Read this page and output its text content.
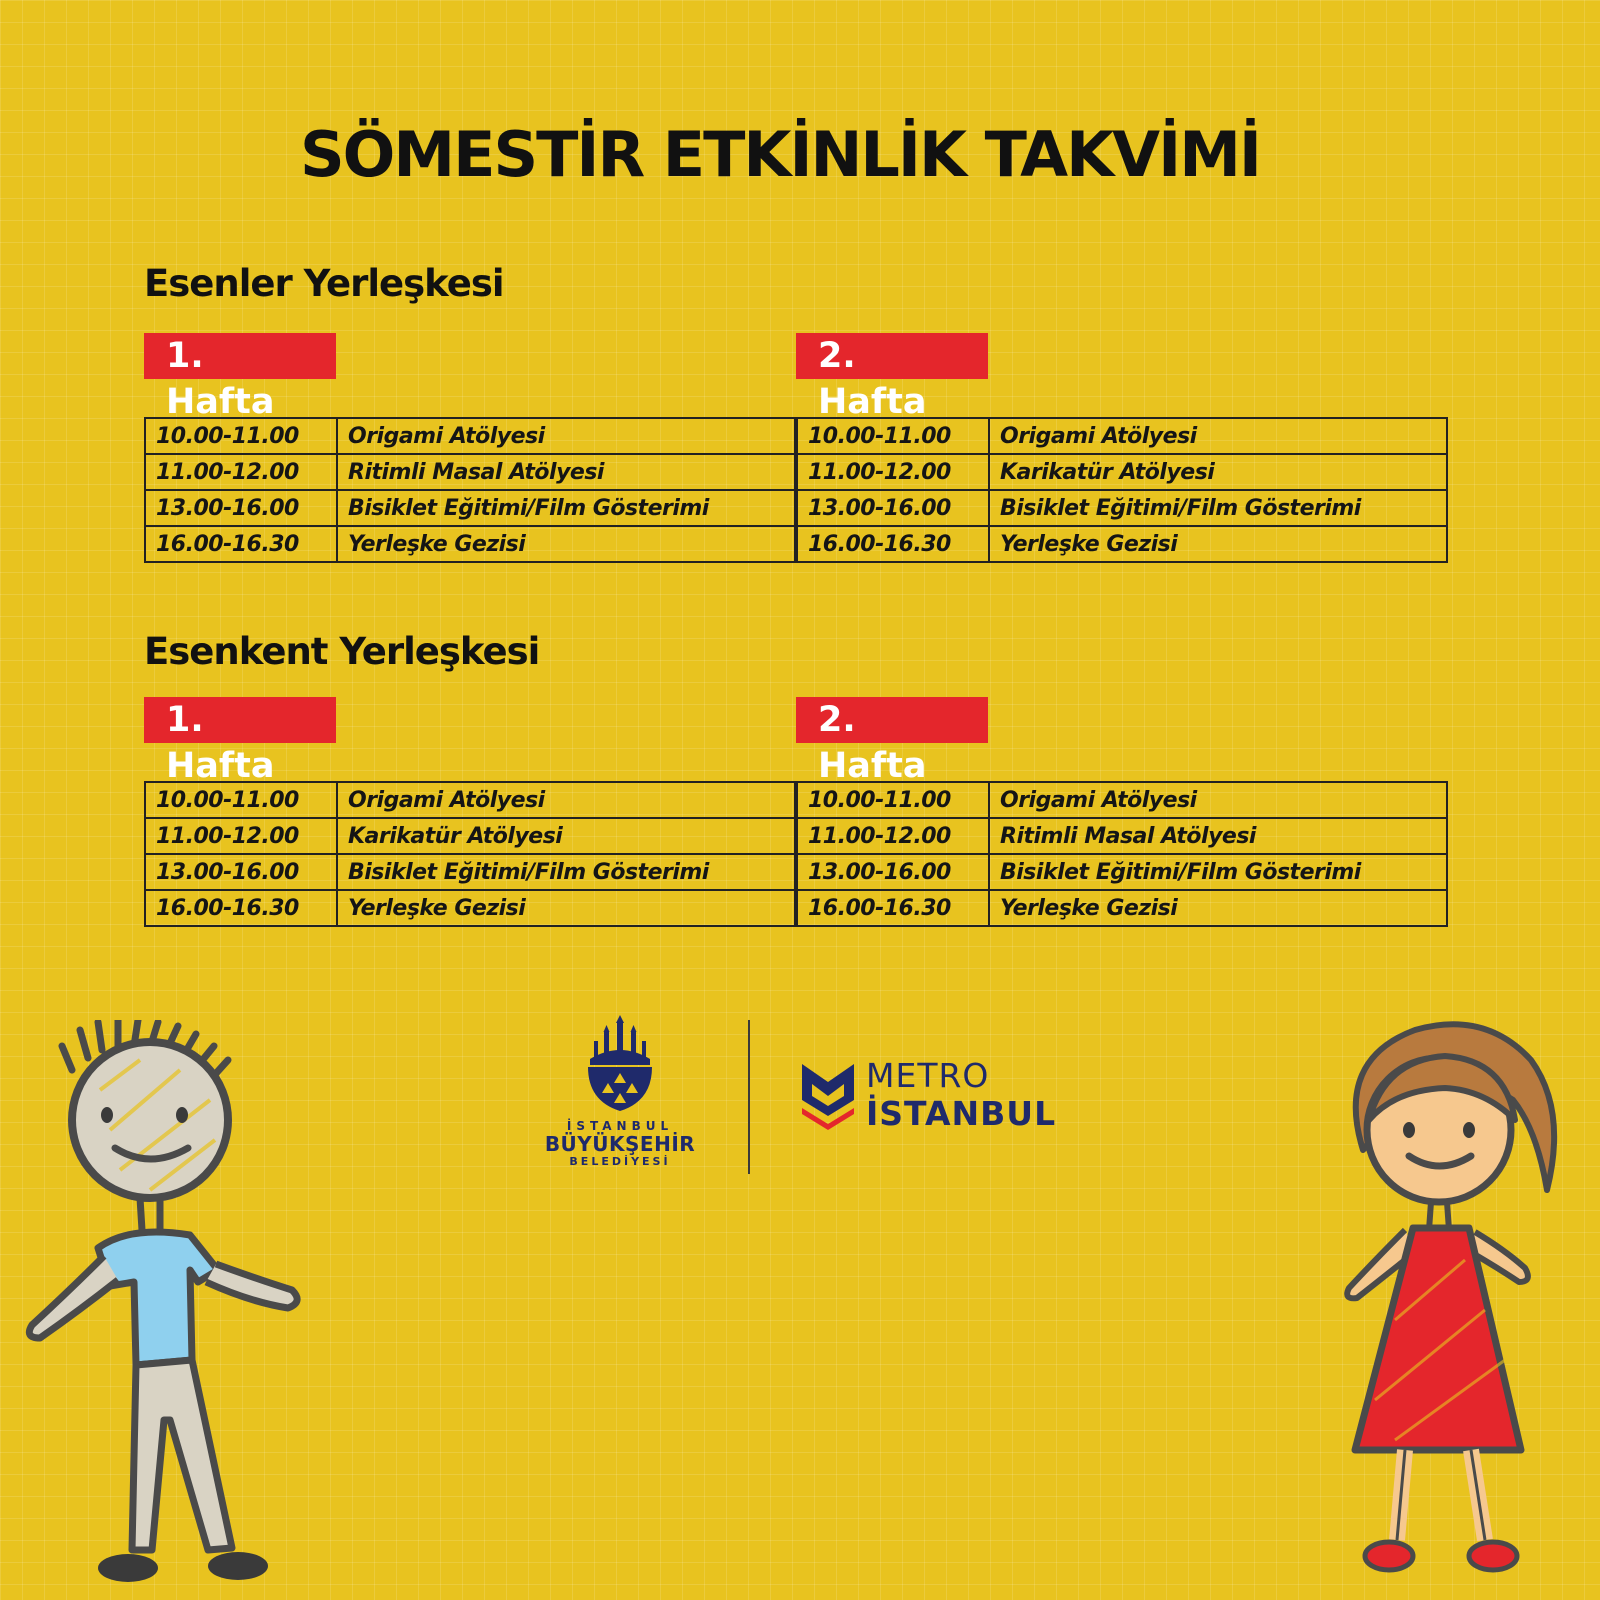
SÖMESTİR ETKİNLİK TAKVİMİ
Esenler Yerleşkesi
1. Hafta
10.00-11.00	Origami Atölyesi
11.00-12.00	Ritimli Masal Atölyesi
13.00-16.00	Bisiklet Eğitimi/Film Gösterimi
16.00-16.30	Yerleşke Gezisi
2. Hafta
10.00-11.00	Origami Atölyesi
11.00-12.00	Karikatür Atölyesi
13.00-16.00	Bisiklet Eğitimi/Film Gösterimi
16.00-16.30	Yerleşke Gezisi
Esenkent Yerleşkesi
1. Hafta
10.00-11.00	Origami Atölyesi
11.00-12.00	Karikatür Atölyesi
13.00-16.00	Bisiklet Eğitimi/Film Gösterimi
16.00-16.30	Yerleşke Gezisi
2. Hafta
10.00-11.00	Origami Atölyesi
11.00-12.00	Ritimli Masal Atölyesi
13.00-16.00	Bisiklet Eğitimi/Film Gösterimi
16.00-16.30	Yerleşke Gezisi
İSTANBUL
BÜYÜKŞEHİR
BELEDİYESİ
METRO
İSTANBUL
